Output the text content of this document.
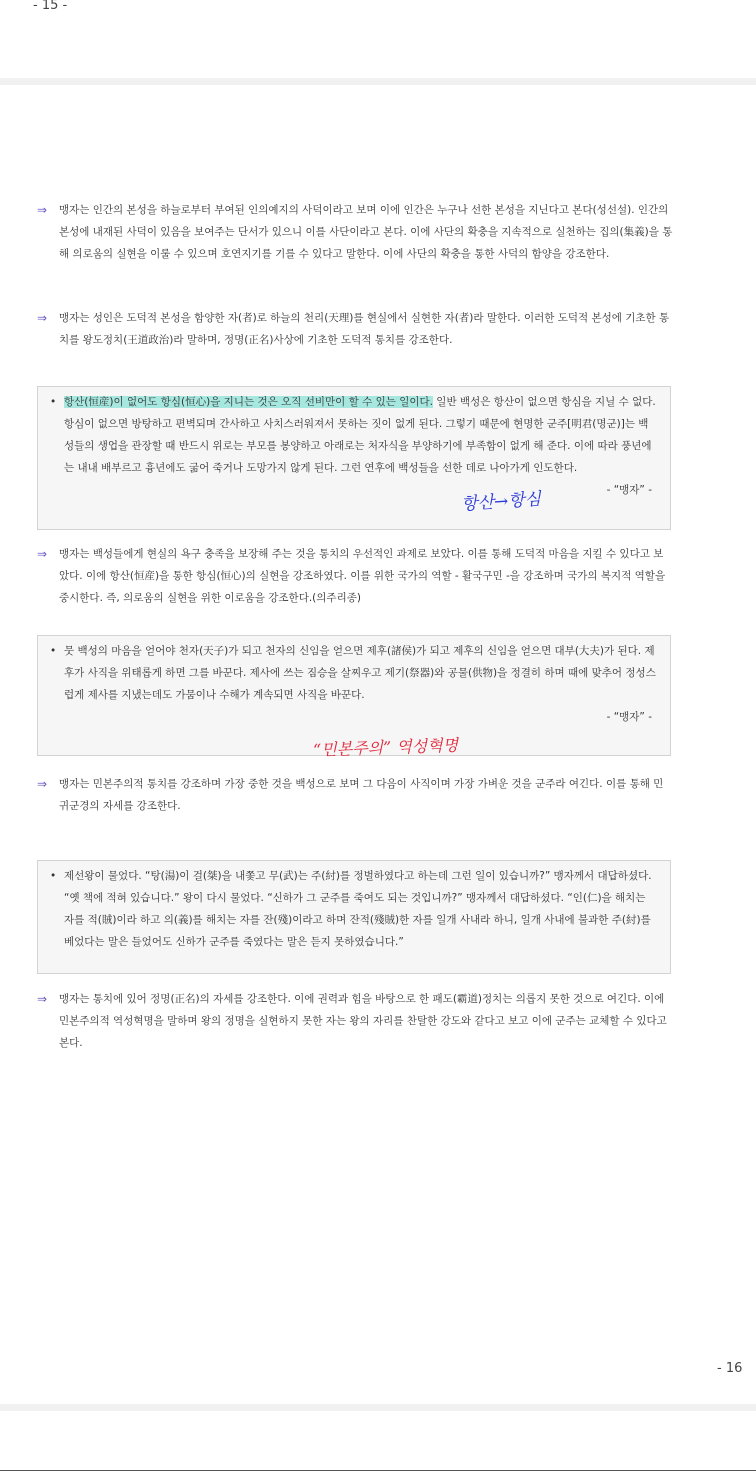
- 15 -
⇒	맹자는 인간의 본성을 하늘로부터 부여된 인의예지의 사덕이라고 보며 이에 인간은 누구나 선한 본성을 지닌다고 본다(성선설). 인간의 본성에 내재된 사덕이 있음을 보여주는 단서가 있으니 이를 사단이라고 본다. 이에 사단의 확충을 지속적으로 실천하는 집의(集義)을 통해 의로움의 실현을 이룰 수 있으며 호연지기를 기를 수 있다고 말한다. 이에 사단의 확충을 통한 사덕의 함양을 강조한다.
⇒	맹자는 성인은 도덕적 본성을 함양한 자(者)로 하늘의 천리(天理)를 현실에서 실현한 자(者)라 말한다. 이러한 도덕적 본성에 기초한 통치를 왕도정치(王道政治)라 말하며, 정명(正名)사상에 기초한 도덕적 통치를 강조한다.
• 항산(恒産)이 없어도 항심(恒心)을 지니는 것은 오직 선비만이 할 수 있는 일이다. 일반 백성은 항산이 없으면 항심을 지닐 수 없다. 항심이 없으면 방탕하고 편벽되며 간사하고 사치스러워져서 못하는 짓이 없게 된다. 그렇기 때문에 현명한 군주[明君(명군)]는 백성들의 생업을 관장할 때 반드시 위로는 부모를 봉양하고 아래로는 처자식을 부양하기에 부족함이 없게 해 준다. 이에 따라 풍년에는 내내 배부르고 흉년에도 굶어 죽거나 도망가지 않게 된다. 그런 연후에 백성들을 선한 데로 나아가게 인도한다.
- “맹자” -
항산→항심
⇒	맹자는 백성들에게 현실의 욕구 충족을 보장해 주는 것을 통치의 우선적인 과제로 보았다. 이를 통해 도덕적 마음을 지킬 수 있다고 보았다. 이에 항산(恒産)을 통한 항심(恒心)의 실현을 강조하였다. 이를 위한 국가의 역할 - 활국구민 -을 강조하며 국가의 복지적 역할을 중시한다. 즉, 의로움의 실현을 위한 이로움을 강조한다.(의주리종)
• 뭇 백성의 마음을 얻어야 천자(天子)가 되고 천자의 신임을 얻으면 제후(諸侯)가 되고 제후의 신임을 얻으면 대부(大夫)가 된다. 제후가 사직을 위태롭게 하면 그를 바꾼다. 제사에 쓰는 짐승을 살찌우고 제기(祭器)와 공물(供物)을 정결히 하며 때에 맞추어 정성스럽게 제사를 지냈는데도 가뭄이나 수해가 계속되면 사직을 바꾼다.
- “맹자” -
“민본주의” 역성혁명
⇒	맹자는 민본주의적 통치를 강조하며 가장 중한 것을 백성으로 보며 그 다음이 사직이며 가장 가벼운 것을 군주라 여긴다. 이를 통해 민귀군경의 자세를 강조한다.
• 제선왕이 물었다. “탕(湯)이 걸(桀)을 내쫓고 무(武)는 주(紂)를 정벌하였다고 하는데 그런 일이 있습니까?” 맹자께서 대답하셨다. “옛 책에 적혀 있습니다.” 왕이 다시 물었다. “신하가 그 군주를 죽여도 되는 것입니까?” 맹자께서 대답하셨다. “인(仁)을 해치는 자를 적(賊)이라 하고 의(義)를 해치는 자를 잔(殘)이라고 하며 잔적(殘賊)한 자를 일개 사내라 하니, 일개 사내에 불과한 주(紂)를 베었다는 말은 들었어도 신하가 군주를 죽였다는 말은 듣지 못하였습니다.”
⇒	맹자는 통치에 있어 정명(正名)의 자세를 강조한다. 이에 권력과 힘을 바탕으로 한 패도(霸道)정치는 의롭지 못한 것으로 여긴다. 이에 민본주의적 역성혁명을 말하며 왕의 정명을 실현하지 못한 자는 왕의 자리를 찬탈한 강도와 같다고 보고 이에 군주는 교체할 수 있다고 본다.
- 16
